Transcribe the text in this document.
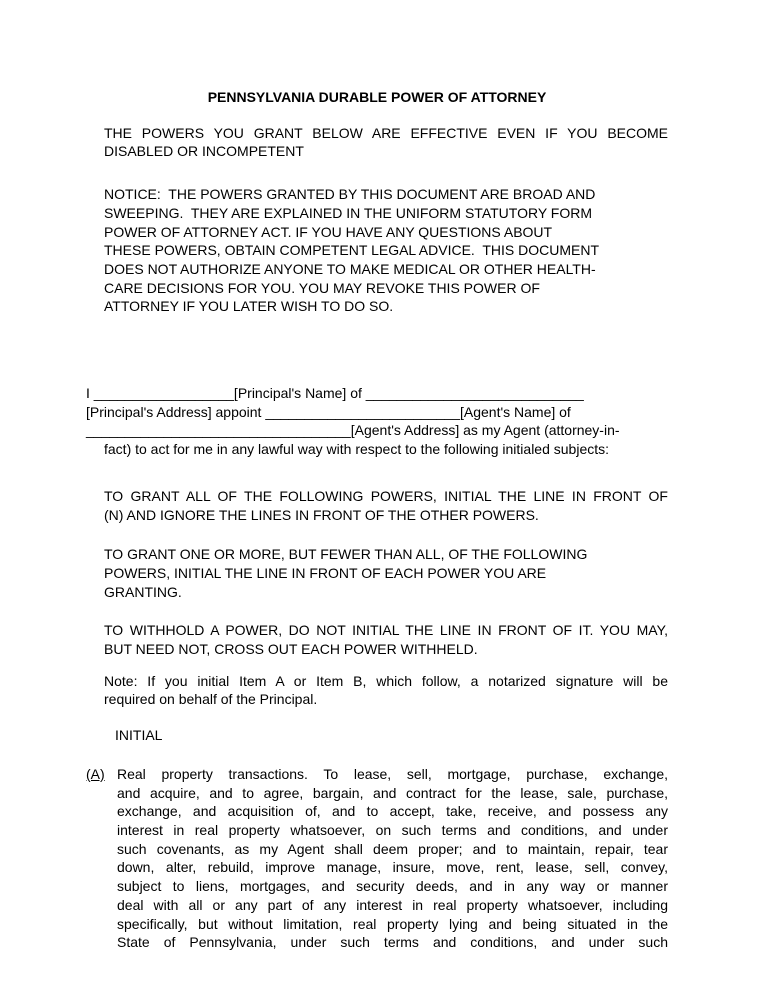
PENNSYLVANIA DURABLE POWER OF ATTORNEY
THE POWERS YOU GRANT BELOW ARE EFFECTIVE EVEN IF YOU BECOME
DISABLED OR INCOMPETENT
NOTICE:  THE POWERS GRANTED BY THIS DOCUMENT ARE BROAD AND
SWEEPING.  THEY ARE EXPLAINED IN THE UNIFORM STATUTORY FORM
POWER OF ATTORNEY ACT. IF YOU HAVE ANY QUESTIONS ABOUT
THESE POWERS, OBTAIN COMPETENT LEGAL ADVICE.  THIS DOCUMENT
DOES NOT AUTHORIZE ANYONE TO MAKE MEDICAL OR OTHER HEALTH-
CARE DECISIONS FOR YOU. YOU MAY REVOKE THIS POWER OF
ATTORNEY IF YOU LATER WISH TO DO SO.
I __________________[Principal's Name] of ____________________________
[Principal's Address] appoint _________________________[Agent's Name] of
__________________________________[Agent's Address] as my Agent (attorney-in-
fact) to act for me in any lawful way with respect to the following initialed subjects:
TO GRANT ALL OF THE FOLLOWING POWERS, INITIAL THE LINE IN FRONT OF
(N) AND IGNORE THE LINES IN FRONT OF THE OTHER POWERS.
TO GRANT ONE OR MORE, BUT FEWER THAN ALL, OF THE FOLLOWING
POWERS, INITIAL THE LINE IN FRONT OF EACH POWER YOU ARE
GRANTING.
TO WITHHOLD A POWER, DO NOT INITIAL THE LINE IN FRONT OF IT. YOU MAY,
BUT NEED NOT, CROSS OUT EACH POWER WITHHELD.
Note: If you initial Item A or Item B, which follow, a notarized signature will be
required on behalf of the Principal.
INITIAL
(A) Real property transactions. To lease, sell, mortgage, purchase, exchange,
and acquire, and to agree, bargain, and contract for the lease, sale, purchase,
exchange, and acquisition of, and to accept, take, receive, and possess any
interest in real property whatsoever, on such terms and conditions, and under
such covenants, as my Agent shall deem proper; and to maintain, repair, tear
down, alter, rebuild, improve manage, insure, move, rent, lease, sell, convey,
subject to liens, mortgages, and security deeds, and in any way or manner
deal with all or any part of any interest in real property whatsoever, including
specifically, but without limitation, real property lying and being situated in the
State of Pennsylvania, under such terms and conditions, and under such
